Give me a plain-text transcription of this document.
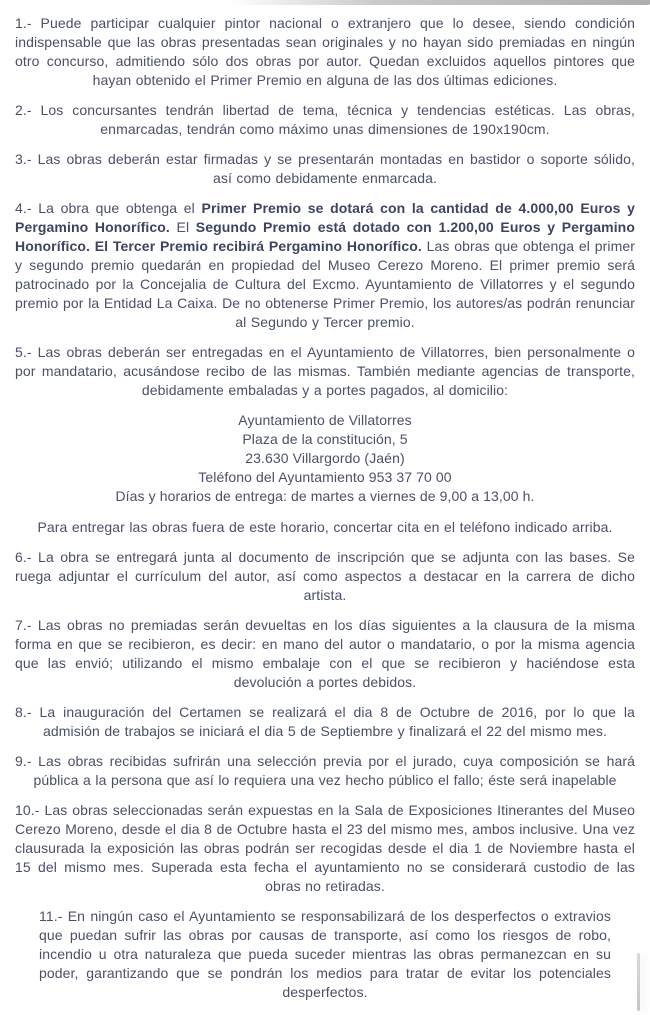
1.- Puede participar cualquier pintor nacional o extranjero que lo desee, siendo condición indispensable que las obras presentadas sean originales y no hayan sido premiadas en ningún otro concurso, admitiendo sólo dos obras por autor. Quedan excluidos aquellos pintores que hayan obtenido el Primer Premio en alguna de las dos últimas ediciones.

2.- Los concursantes tendrán libertad de tema, técnica y tendencias estéticas. Las obras, enmarcadas, tendrán como máximo unas dimensiones de 190x190cm.

3.- Las obras deberán estar firmadas y se presentarán montadas en bastidor o soporte sólido, así como debidamente enmarcada.

4.- La obra que obtenga el Primer Premio se dotará con la cantidad de 4.000,00 Euros y Pergamino Honorífico. El Segundo Premio está dotado con 1.200,00 Euros y Pergamino Honorífico. El Tercer Premio recibirá Pergamino Honorífico. Las obras que obtenga el primer y segundo premio quedarán en propiedad del Museo Cerezo Moreno. El primer premio será patrocinado por la Concejalia de Cultura del Excmo. Ayuntamiento de Villatorres y el segundo premio por la Entidad La Caixa. De no obtenerse Primer Premio, los autores/as podrán renunciar al Segundo y Tercer premio.

5.- Las obras deberán ser entregadas en el Ayuntamiento de Villatorres, bien personalmente o por mandatario, acusándose recibo de las mismas. También mediante agencias de transporte, debidamente embaladas y a portes pagados, al domicilio:

Ayuntamiento de Villatorres
Plaza de la constitución, 5
23.630 Villargordo (Jaén)
Teléfono del Ayuntamiento 953 37 70 00
Días y horarios de entrega: de martes a viernes de 9,00 a 13,00 h.

Para entregar las obras fuera de este horario, concertar cita en el teléfono indicado arriba.

6.- La obra se entregará junta al documento de inscripción que se adjunta con las bases. Se ruega adjuntar el currículum del autor, así como aspectos a destacar en la carrera de dicho artista.

7.- Las obras no premiadas serán devueltas en los días siguientes a la clausura de la misma forma en que se recibieron, es decir: en mano del autor o mandatario, o por la misma agencia que las envió; utilizando el mismo embalaje con el que se recibieron y haciéndose esta devolución a portes debidos.

8.- La inauguración del Certamen se realizará el dia 8 de Octubre de 2016, por lo que la admisión de trabajos se iniciará el dia 5 de Septiembre y finalizará el 22 del mismo mes.

9.- Las obras recibidas sufrirán una selección previa por el jurado, cuya composición se hará pública a la persona que así lo requiera una vez hecho público el fallo; éste será inapelable

10.- Las obras seleccionadas serán expuestas en la Sala de Exposiciones Itinerantes del Museo Cerezo Moreno, desde el dia 8 de Octubre hasta el 23 del mismo mes, ambos inclusive. Una vez clausurada la exposición las obras podrán ser recogidas desde el dia 1 de Noviembre hasta el 15 del mismo mes. Superada esta fecha el ayuntamiento no se considerará custodio de las obras no retiradas.

11.- En ningún caso el Ayuntamiento se responsabilizará de los desperfectos o extravios que puedan sufrir las obras por causas de transporte, así como los riesgos de robo, incendio u otra naturaleza que pueda suceder mientras las obras permanezcan en su poder, garantizando que se pondrán los medios para tratar de evitar los potenciales desperfectos.
